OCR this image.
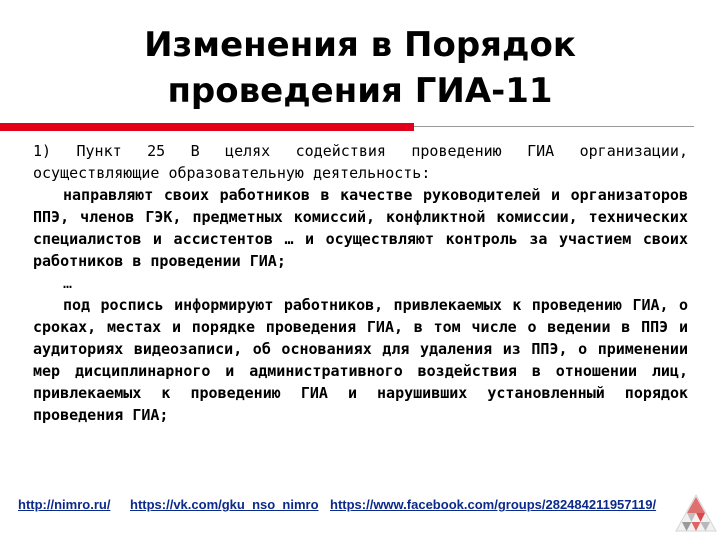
Изменения в Порядок
проведения ГИА-11

1) Пункт 25 В целях содействия проведению ГИА организации, осуществляющие образовательную деятельность:

направляют своих работников в качестве руководителей и организаторов ППЭ, членов ГЭК, предметных комиссий, конфликтной комиссии, технических специалистов и ассистентов … и осуществляют контроль за участием своих работников в проведении ГИА;

…

под роспись информируют работников, привлекаемых к проведению ГИА, о сроках, местах и порядке проведения ГИА, в том числе о ведении в ППЭ и аудиториях видеозаписи, об основаниях для удаления из ППЭ, о применении мер дисциплинарного и административного воздействия в отношении лиц, привлекаемых к проведению ГИА и нарушивших установленный порядок проведения ГИА;

http://nimro.ru/ https://vk.com/gku_nso_nimro https://www.facebook.com/groups/282484211957119/
